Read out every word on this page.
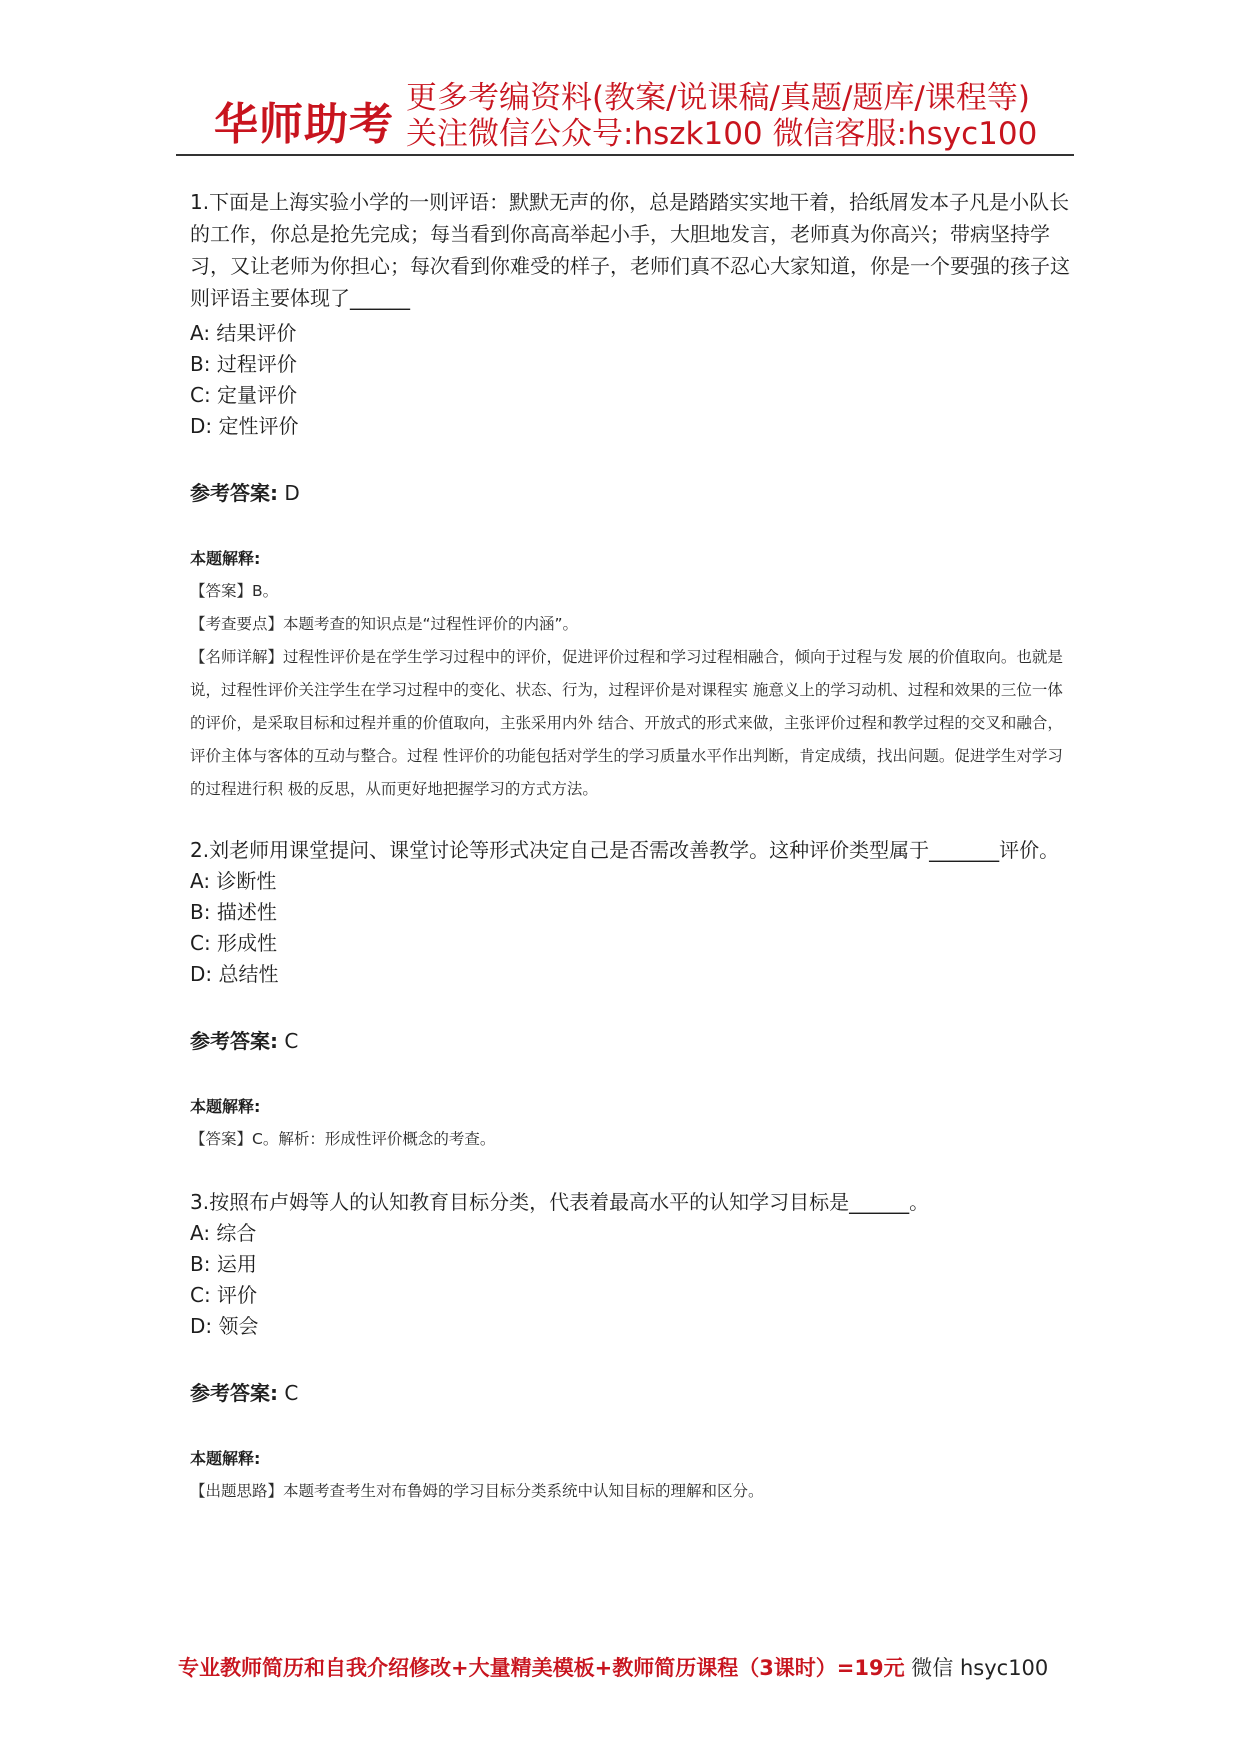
华师助考
更多考编资料(教案/说课稿/真题/题库/课程等)
关注微信公众号:hszk100 微信客服:hsyc100

1.下面是上海实验小学的一则评语：默默无声的你，总是踏踏实实地干着，拾纸屑发本子凡是小队长的工作，你总是抢先完成；每当看到你高高举起小手，大胆地发言，老师真为你高兴；带病坚持学习，又让老师为你担心；每次看到你难受的样子，老师们真不忍心大家知道，你是一个要强的孩子这则评语主要体现了______

A: 结果评价

B: 过程评价

C: 定量评价

D: 定性评价

参考答案: D

本题解释:

【答案】B。

【考查要点】本题考查的知识点是“过程性评价的内涵”。

【名师详解】过程性评价是在学生学习过程中的评价，促进评价过程和学习过程相融合，倾向于过程与发 展的价值取向。也就是说，过程性评价关注学生在学习过程中的变化、状态、行为，过程评价是对课程实 施意义上的学习动机、过程和效果的三位一体的评价，是采取目标和过程并重的价值取向，主张采用内外 结合、开放式的形式来做，主张评价过程和教学过程的交叉和融合，评价主体与客体的互动与整合。过程 性评价的功能包括对学生的学习质量水平作出判断，肯定成绩，找出问题。促进学生对学习的过程进行积 极的反思，从而更好地把握学习的方式方法。

2.刘老师用课堂提问、课堂讨论等形式决定自己是否需改善教学。这种评价类型属于_______评价。

A: 诊断性

B: 描述性

C: 形成性

D: 总结性

参考答案: C

本题解释:

【答案】C。解析：形成性评价概念的考查。

3.按照布卢姆等人的认知教育目标分类，代表着最高水平的认知学习目标是______。

A: 综合

B: 运用

C: 评价

D: 领会

参考答案: C

本题解释:

【出题思路】本题考查考生对布鲁姆的学习目标分类系统中认知目标的理解和区分。

专业教师简历和自我介绍修改+大量精美模板+教师简历课程（3课时）=19元 微信 hsyc100
